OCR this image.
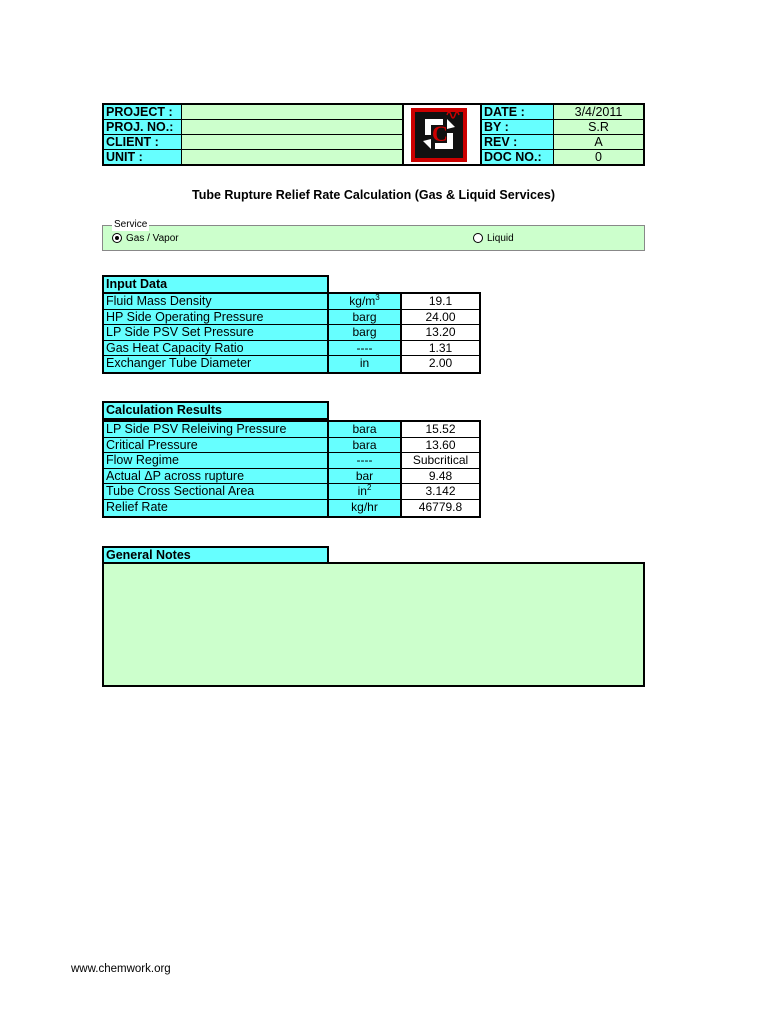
PROJECT :
PROJ. NO.:
CLIENT :
UNIT :
C
DATE :	3/4/2011
BY :	S.R
REV :	A
DOC NO.:	0
Tube Rupture Relief Rate Calculation (Gas & Liquid Services)
Service
Gas / Vapor	Liquid
Input Data
Fluid Mass Density	$kg/m^3$	19.1
HP Side Operating Pressure	barg	24.00
LP Side PSV Set Pressure	barg	13.20
Gas Heat Capacity Ratio	----	1.31
Exchanger Tube Diameter	in	2.00
Calculation Results
LP Side PSV Releiving Pressure	bara	15.52
Critical Pressure	bara	13.60
Flow Regime	----	Subcritical
Actual ΔP across rupture	bar	9.48
Tube Cross Sectional Area	$in^2$	3.142
Relief Rate	kg/hr	46779.8
General Notes
www.chemwork.org
